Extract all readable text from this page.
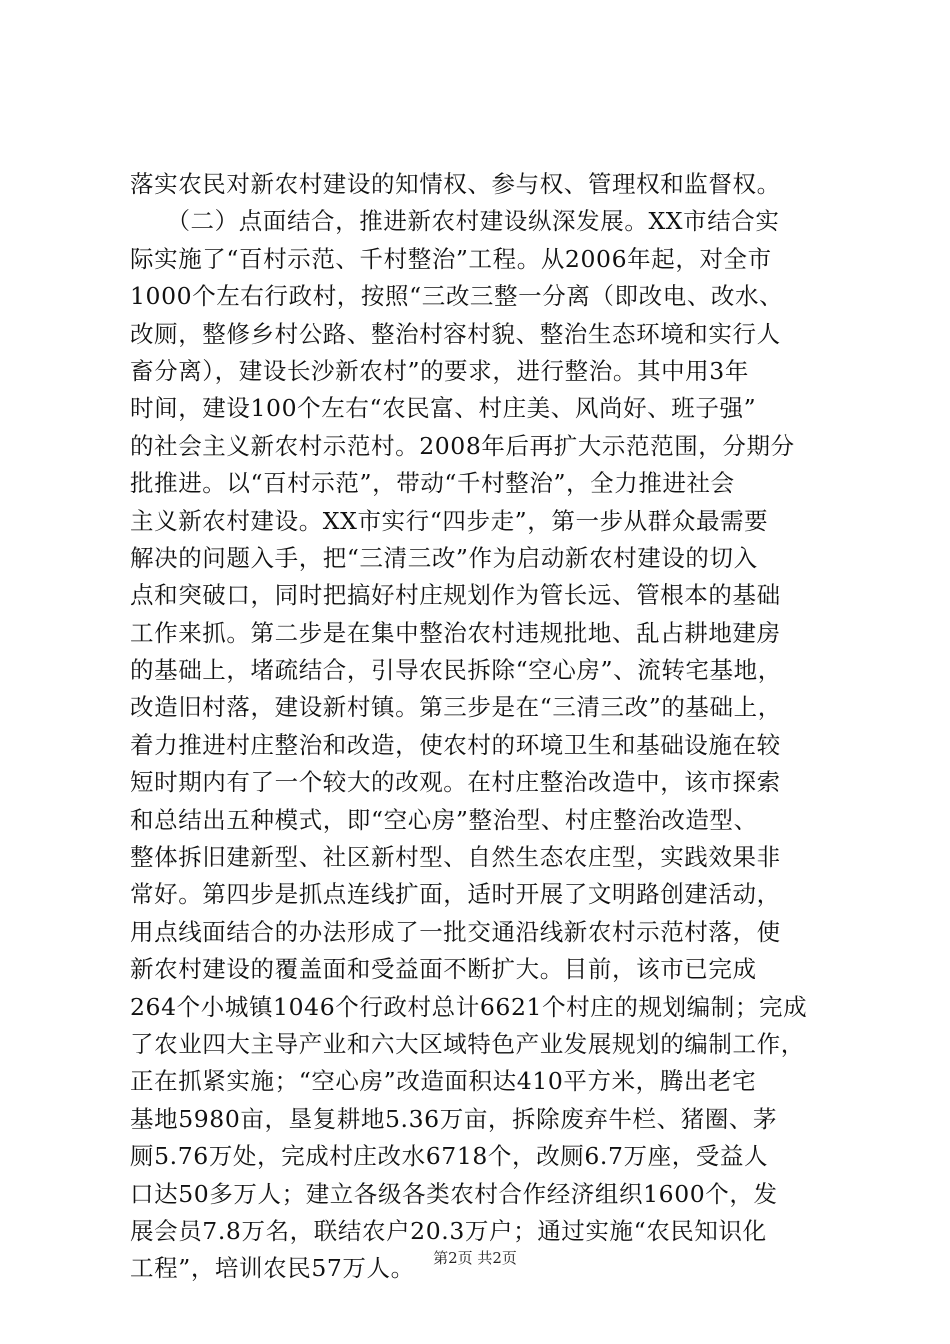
落实农民对新农村建设的知情权、参与权、管理权和监督权。
　　（二）点面结合，推进新农村建设纵深发展。XX市结合实
际实施了“百村示范、千村整治”工程。从2006年起，对全市
1000个左右行政村，按照“三改三整一分离（即改电、改水、
改厕，整修乡村公路、整治村容村貌、整治生态环境和实行人
畜分离），建设长沙新农村”的要求，进行整治。其中用3年
时间，建设100个左右“农民富、村庄美、风尚好、班子强”
的社会主义新农村示范村。2008年后再扩大示范范围，分期分
批推进。以“百村示范”，带动“千村整治”，全力推进社会
主义新农村建设。XX市实行“四步走”，第一步从群众最需要
解决的问题入手，把“三清三改”作为启动新农村建设的切入
点和突破口，同时把搞好村庄规划作为管长远、管根本的基础
工作来抓。第二步是在集中整治农村违规批地、乱占耕地建房
的基础上，堵疏结合，引导农民拆除“空心房”、流转宅基地，
改造旧村落，建设新村镇。第三步是在“三清三改”的基础上，
着力推进村庄整治和改造，使农村的环境卫生和基础设施在较
短时期内有了一个较大的改观。在村庄整治改造中，该市探索
和总结出五种模式，即“空心房”整治型、村庄整治改造型、
整体拆旧建新型、社区新村型、自然生态农庄型，实践效果非
常好。第四步是抓点连线扩面，适时开展了文明路创建活动，
用点线面结合的办法形成了一批交通沿线新农村示范村落，使
新农村建设的覆盖面和受益面不断扩大。目前，该市已完成
264个小城镇1046个行政村总计6621个村庄的规划编制；完成
了农业四大主导产业和六大区域特色产业发展规划的编制工作，
正在抓紧实施；“空心房”改造面积达410平方米，腾出老宅
基地5980亩，垦复耕地5.36万亩，拆除废弃牛栏、猪圈、茅
厕5.76万处，完成村庄改水6718个，改厕6.7万座，受益人
口达50多万人；建立各级各类农村合作经济组织1600个，发
展会员7.8万名，联结农户20.3万户；通过实施“农民知识化
工程”，培训农民57万人。	第2页 共2页
